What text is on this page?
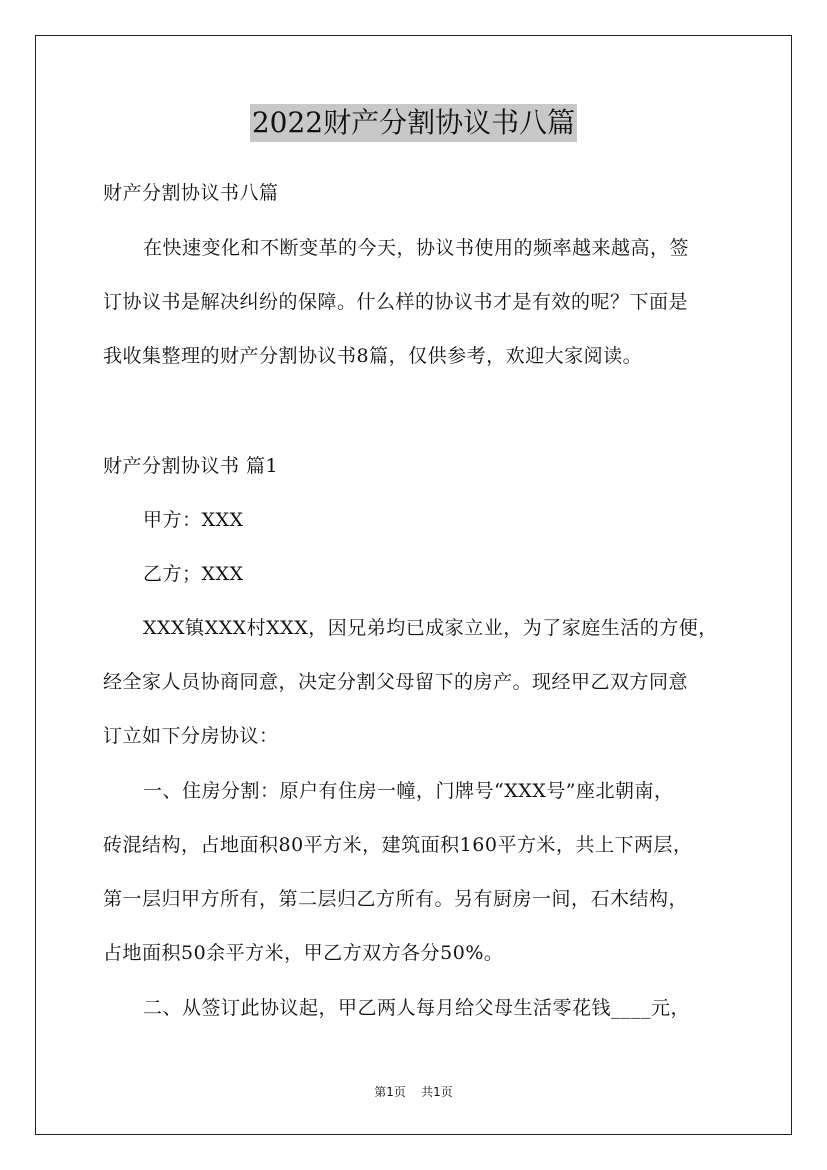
2022财产分割协议书八篇
财产分割协议书八篇
在快速变化和不断变革的今天，协议书使用的频率越来越高，签
订协议书是解决纠纷的保障。什么样的协议书才是有效的呢？下面是
我收集整理的财产分割协议书8篇，仅供参考，欢迎大家阅读。
财产分割协议书 篇1
甲方：XXX
乙方；XXX
XXX镇XXX村XXX，因兄弟均已成家立业，为了家庭生活的方便，
经全家人员协商同意，决定分割父母留下的房产。现经甲乙双方同意
订立如下分房协议：
一、住房分割：原户有住房一幢，门牌号“XXX号”座北朝南，
砖混结构，占地面积80平方米，建筑面积160平方米，共上下两层，
第一层归甲方所有，第二层归乙方所有。另有厨房一间，石木结构，
占地面积50余平方米，甲乙方双方各分50%。
二、从签订此协议起，甲乙两人每月给父母生活零花钱____元，
第1页 共1页
